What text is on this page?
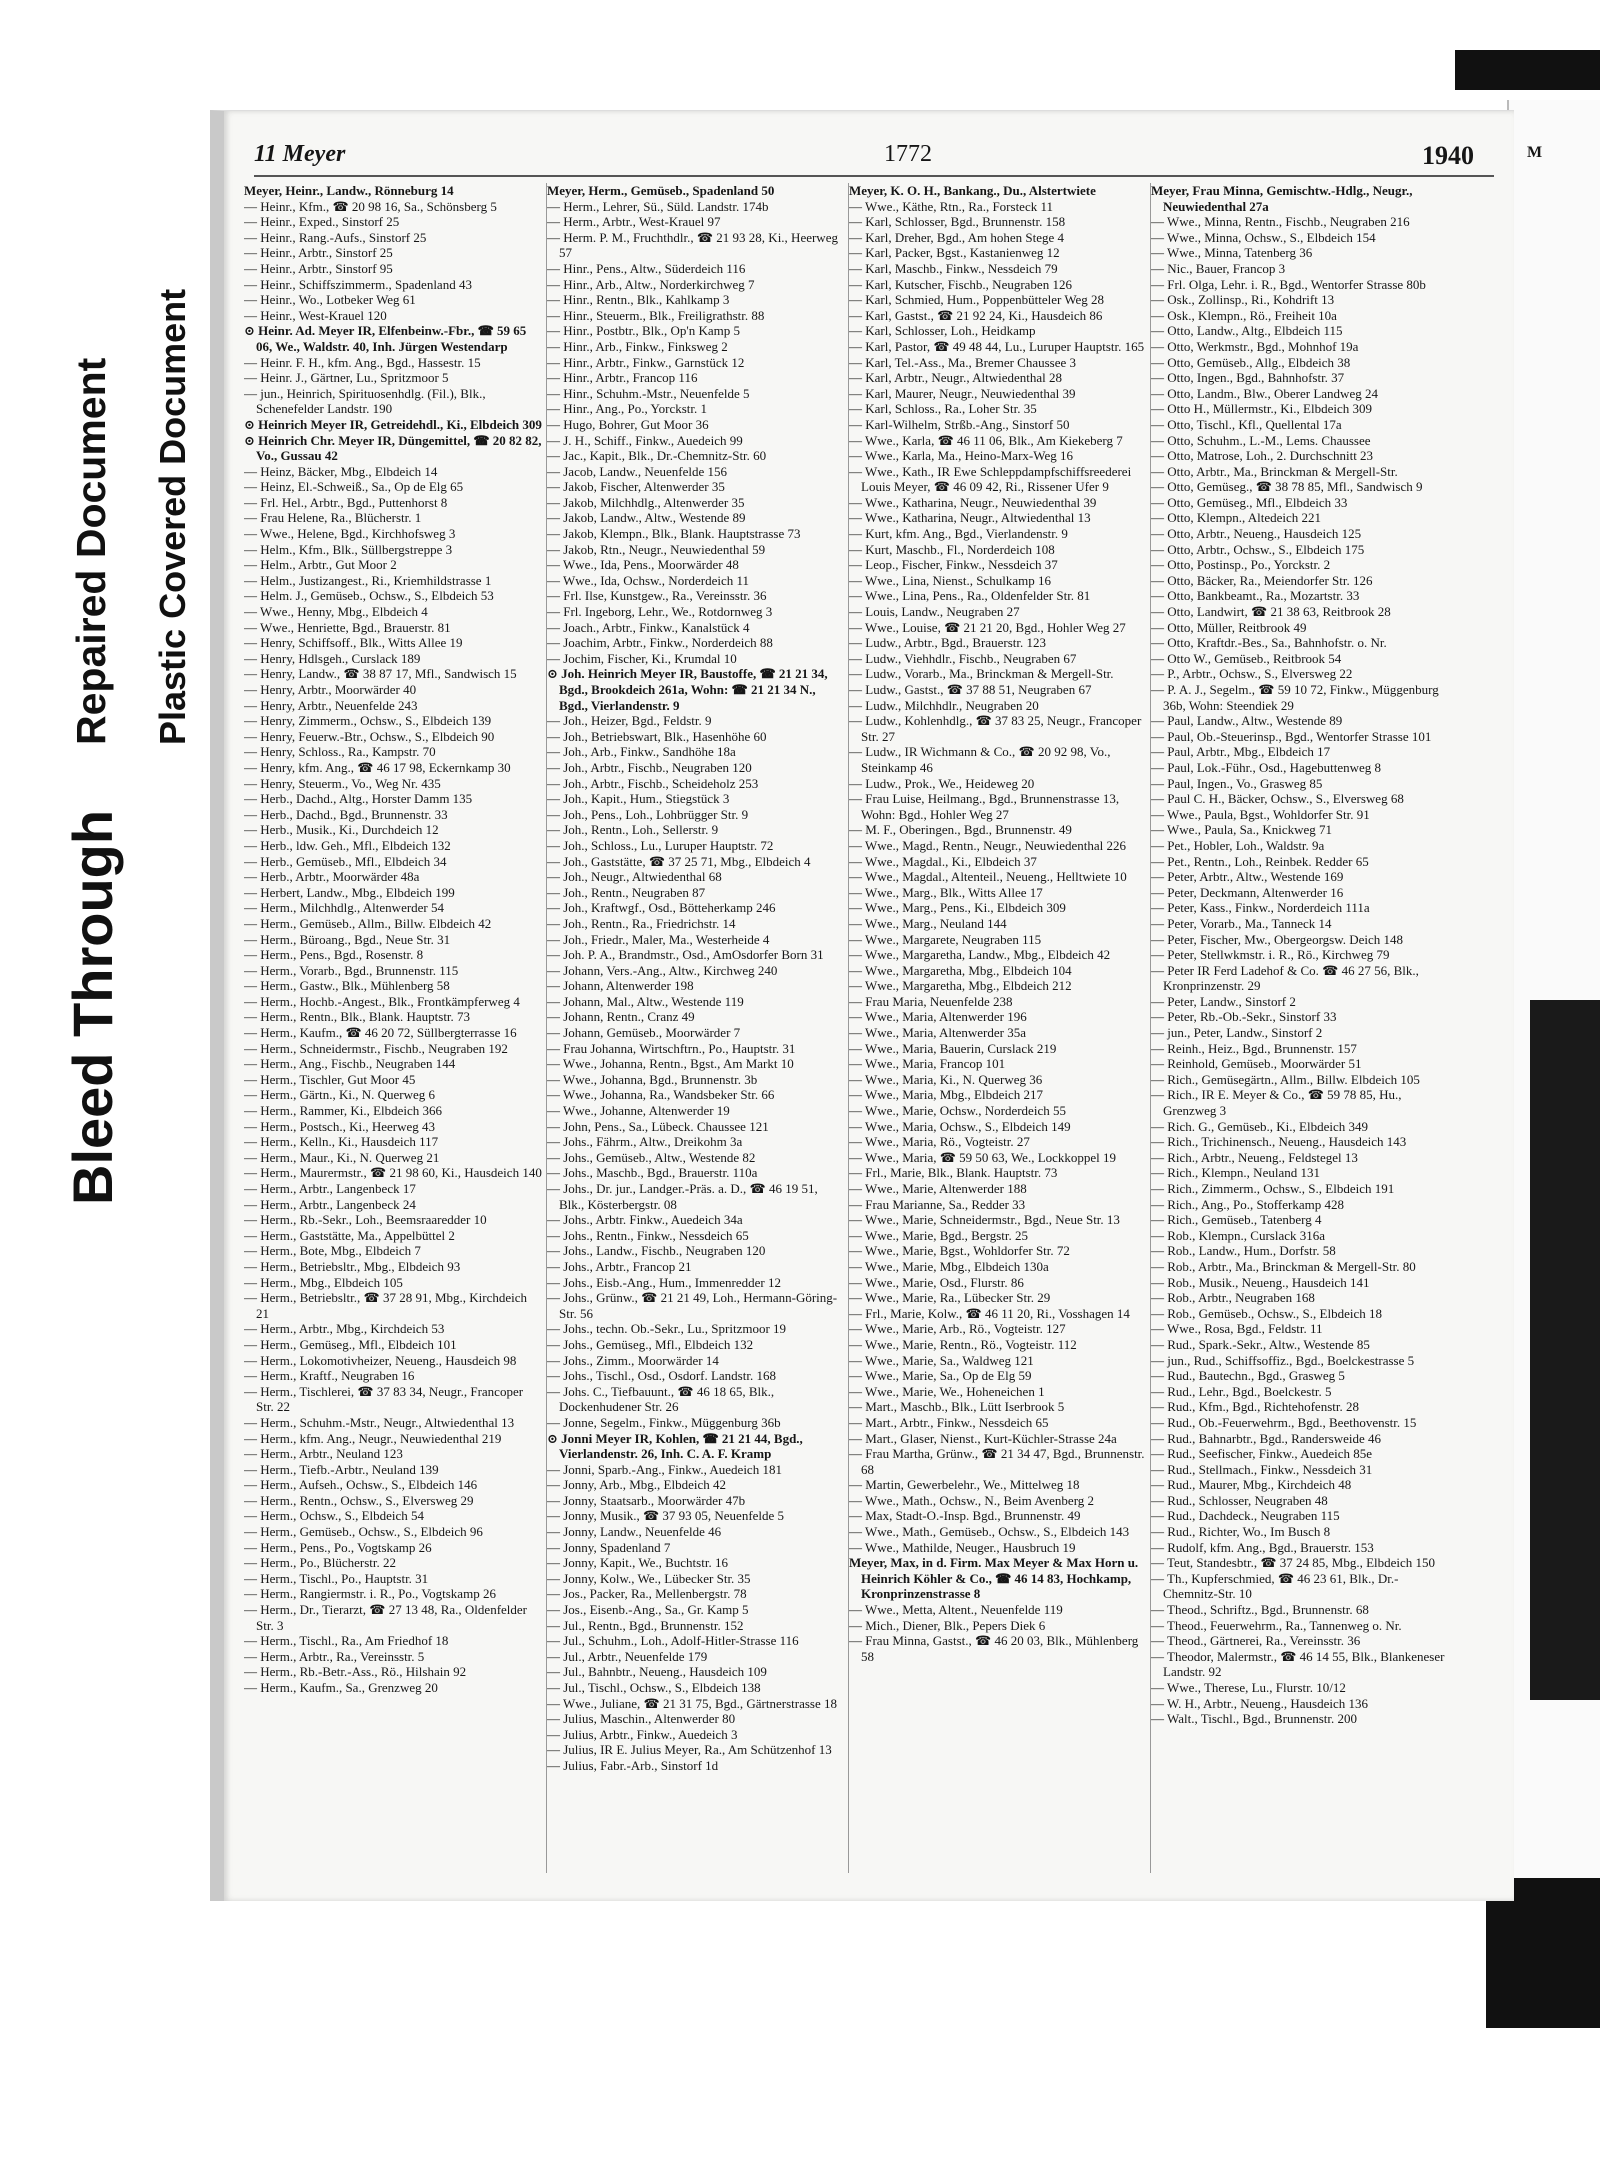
M
Bleed Through
Repaired Document Plastic Covered Document
11 Meyer	1772	1940

Meyer, Heinr., Landw., Rönneburg 14

— Heinr., Kfm., ☎ 20 98 16, Sa., Schönsberg 5

— Heinr., Exped., Sinstorf 25

— Heinr., Rang.-Aufs., Sinstorf 25

— Heinr., Arbtr., Sinstorf 25

— Heinr., Arbtr., Sinstorf 95

— Heinr., Schiffszimmerm., Spadenland 43

— Heinr., Wo., Lotbeker Weg 61

— Heinr., West-Krauel 120

⊙ Heinr. Ad. Meyer IR, Elfenbeinw.-Fbr., ☎ 59 65 06, We., Waldstr. 40, Inh. Jürgen Westendarp

— Heinr. F. H., kfm. Ang., Bgd., Hassestr. 15

— Heinr. J., Gärtner, Lu., Spritzmoor 5

— jun., Heinrich, Spirituosenhdlg. (Fil.), Blk., Schenefelder Landstr. 190

⊙ Heinrich Meyer IR, Getreidehdl., Ki., Elbdeich 309

⊙ Heinrich Chr. Meyer IR, Düngemittel, ☎ 20 82 82, Vo., Gussau 42

— Heinz, Bäcker, Mbg., Elbdeich 14

— Heinz, El.-Schweiß., Sa., Op de Elg 65

— Frl. Hel., Arbtr., Bgd., Puttenhorst 8

— Frau Helene, Ra., Blücherstr. 1

— Wwe., Helene, Bgd., Kirchhofsweg 3

— Helm., Kfm., Blk., Süllbergstreppe 3

— Helm., Arbtr., Gut Moor 2

— Helm., Justizangest., Ri., Kriemhildstrasse 1

— Helm. J., Gemüseb., Ochsw., S., Elbdeich 53

— Wwe., Henny, Mbg., Elbdeich 4

— Wwe., Henriette, Bgd., Brauerstr. 81

— Henry, Schiffsoff., Blk., Witts Allee 19

— Henry, Hdlsgeh., Curslack 189

— Henry, Landw., ☎ 38 87 17, Mfl., Sandwisch 15

— Henry, Arbtr., Moorwärder 40

— Henry, Arbtr., Neuenfelde 243

— Henry, Zimmerm., Ochsw., S., Elbdeich 139

— Henry, Feuerw.-Btr., Ochsw., S., Elbdeich 90

— Henry, Schloss., Ra., Kampstr. 70

— Henry, kfm. Ang., ☎ 46 17 98, Eckernkamp 30

— Henry, Steuerm., Vo., Weg Nr. 435

— Herb., Dachd., Altg., Horster Damm 135

— Herb., Dachd., Bgd., Brunnenstr. 33

— Herb., Musik., Ki., Durchdeich 12

— Herb., ldw. Geh., Mfl., Elbdeich 132

— Herb., Gemüseb., Mfl., Elbdeich 34

— Herb., Arbtr., Moorwärder 48a

— Herbert, Landw., Mbg., Elbdeich 199

— Herm., Milchhdlg., Altenwerder 54

— Herm., Gemüseb., Allm., Billw. Elbdeich 42

— Herm., Büroang., Bgd., Neue Str. 31

— Herm., Pens., Bgd., Rosenstr. 8

— Herm., Vorarb., Bgd., Brunnenstr. 115

— Herm., Gastw., Blk., Mühlenberg 58

— Herm., Hochb.-Angest., Blk., Frontkämpferweg 4

— Herm., Rentn., Blk., Blank. Hauptstr. 73

— Herm., Kaufm., ☎ 46 20 72, Süllbergterrasse 16

— Herm., Schneidermstr., Fischb., Neugraben 192

— Herm., Ang., Fischb., Neugraben 144

— Herm., Tischler, Gut Moor 45

— Herm., Gärtn., Ki., N. Querweg 6

— Herm., Rammer, Ki., Elbdeich 366

— Herm., Postsch., Ki., Heerweg 43

— Herm., Kelln., Ki., Hausdeich 117

— Herm., Maur., Ki., N. Querweg 21

— Herm., Maurermstr., ☎ 21 98 60, Ki., Hausdeich 140

— Herm., Arbtr., Langenbeck 17

— Herm., Arbtr., Langenbeck 24

— Herm., Rb.-Sekr., Loh., Beemsraaredder 10

— Herm., Gaststätte, Ma., Appelbüttel 2

— Herm., Bote, Mbg., Elbdeich 7

— Herm., Betriebsltr., Mbg., Elbdeich 93

— Herm., Mbg., Elbdeich 105

— Herm., Betriebsltr., ☎ 37 28 91, Mbg., Kirchdeich 21

— Herm., Arbtr., Mbg., Kirchdeich 53

— Herm., Gemüseg., Mfl., Elbdeich 101

— Herm., Lokomotivheizer, Neueng., Hausdeich 98

— Herm., Kraftf., Neugraben 16

— Herm., Tischlerei, ☎ 37 83 34, Neugr., Francoper Str. 22

— Herm., Schuhm.-Mstr., Neugr., Altwiedenthal 13

— Herm., kfm. Ang., Neugr., Neuwiedenthal 219

— Herm., Arbtr., Neuland 123

— Herm., Tiefb.-Arbtr., Neuland 139

— Herm., Aufseh., Ochsw., S., Elbdeich 146

— Herm., Rentn., Ochsw., S., Elversweg 29

— Herm., Ochsw., S., Elbdeich 54

— Herm., Gemüseb., Ochsw., S., Elbdeich 96

— Herm., Pens., Po., Vogtskamp 26

— Herm., Po., Blücherstr. 22

— Herm., Tischl., Po., Hauptstr. 31

— Herm., Rangiermstr. i. R., Po., Vogtskamp 26

— Herm., Dr., Tierarzt, ☎ 27 13 48, Ra., Oldenfelder Str. 3

— Herm., Tischl., Ra., Am Friedhof 18

— Herm., Arbtr., Ra., Vereinsstr. 5

— Herm., Rb.-Betr.-Ass., Rö., Hilshain 92

— Herm., Kaufm., Sa., Grenzweg 20

Meyer, Herm., Gemüseb., Spadenland 50

— Herm., Lehrer, Sü., Süld. Landstr. 174b

— Herm., Arbtr., West-Krauel 97

— Herm. P. M., Fruchthdlr., ☎ 21 93 28, Ki., Heerweg 57

— Hinr., Pens., Altw., Süderdeich 116

— Hinr., Arb., Altw., Norderkirchweg 7

— Hinr., Rentn., Blk., Kahlkamp 3

— Hinr., Steuerm., Blk., Freiligrathstr. 88

— Hinr., Postbtr., Blk., Op'n Kamp 5

— Hinr., Arb., Finkw., Finksweg 2

— Hinr., Arbtr., Finkw., Garnstück 12

— Hinr., Arbtr., Francop 116

— Hinr., Schuhm.-Mstr., Neuenfelde 5

— Hinr., Ang., Po., Yorckstr. 1

— Hugo, Bohrer, Gut Moor 36

— J. H., Schiff., Finkw., Auedeich 99

— Jac., Kapit., Blk., Dr.-Chemnitz-Str. 60

— Jacob, Landw., Neuenfelde 156

— Jakob, Fischer, Altenwerder 35

— Jakob, Milchhdlg., Altenwerder 35

— Jakob, Landw., Altw., Westende 89

— Jakob, Klempn., Blk., Blank. Hauptstrasse 73

— Jakob, Rtn., Neugr., Neuwiedenthal 59

— Wwe., Ida, Pens., Moorwärder 48

— Wwe., Ida, Ochsw., Norderdeich 11

— Frl. Ilse, Kunstgew., Ra., Vereinsstr. 36

— Frl. Ingeborg, Lehr., We., Rotdornweg 3

— Joach., Arbtr., Finkw., Kanalstück 4

— Joachim, Arbtr., Finkw., Norderdeich 88

— Jochim, Fischer, Ki., Krumdal 10

⊙ Joh. Heinrich Meyer IR, Baustoffe, ☎ 21 21 34, Bgd., Brookdeich 261a, Wohn: ☎ 21 21 34 N., Bgd., Vierlandenstr. 9

— Joh., Heizer, Bgd., Feldstr. 9

— Joh., Betriebswart, Blk., Hasenhöhe 60

— Joh., Arb., Finkw., Sandhöhe 18a

— Joh., Arbtr., Fischb., Neugraben 120

— Joh., Arbtr., Fischb., Scheideholz 253

— Joh., Kapit., Hum., Stiegstück 3

— Joh., Pens., Loh., Lohbrügger Str. 9

— Joh., Rentn., Loh., Sellerstr. 9

— Joh., Schloss., Lu., Luruper Hauptstr. 72

— Joh., Gaststätte, ☎ 37 25 71, Mbg., Elbdeich 4

— Joh., Neugr., Altwiedenthal 68

— Joh., Rentn., Neugraben 87

— Joh., Kraftwgf., Osd., Bötteherkamp 246

— Joh., Rentn., Ra., Friedrichstr. 14

— Joh., Friedr., Maler, Ma., Westerheide 4

— Joh. P. A., Brandmstr., Osd., AmOsdorfer Born 31

— Johann, Vers.-Ang., Altw., Kirchweg 240

— Johann, Altenwerder 198

— Johann, Mal., Altw., Westende 119

— Johann, Rentn., Cranz 49

— Johann, Gemüseb., Moorwärder 7

— Frau Johanna, Wirtschftrn., Po., Hauptstr. 31

— Wwe., Johanna, Rentn., Bgst., Am Markt 10

— Wwe., Johanna, Bgd., Brunnenstr. 3b

— Wwe., Johanna, Ra., Wandsbeker Str. 66

— Wwe., Johanne, Altenwerder 19

— John, Pens., Sa., Lübeck. Chaussee 121

— Johs., Fährm., Altw., Dreikohm 3a

— Johs., Gemüseb., Altw., Westende 82

— Johs., Maschb., Bgd., Brauerstr. 110a

— Johs., Dr. jur., Landger.-Präs. a. D., ☎ 46 19 51, Blk., Kösterbergstr. 08

— Johs., Arbtr. Finkw., Auedeich 34a

— Johs., Rentn., Finkw., Nessdeich 65

— Johs., Landw., Fischb., Neugraben 120

— Johs., Arbtr., Francop 21

— Johs., Eisb.-Ang., Hum., Immenredder 12

— Johs., Grünw., ☎ 21 21 49, Loh., Hermann-Göring-Str. 56

— Johs., techn. Ob.-Sekr., Lu., Spritzmoor 19

— Johs., Gemüseg., Mfl., Elbdeich 132

— Johs., Zimm., Moorwärder 14

— Johs., Tischl., Osd., Osdorf. Landstr. 168

— Johs. C., Tiefbauunt., ☎ 46 18 65, Blk., Dockenhudener Str. 26

— Jonne, Segelm., Finkw., Müggenburg 36b

⊙ Jonni Meyer IR, Kohlen, ☎ 21 21 44, Bgd., Vierlandenstr. 26, Inh. C. A. F. Kramp

— Jonni, Sparb.-Ang., Finkw., Auedeich 181

— Jonny, Arb., Mbg., Elbdeich 42

— Jonny, Staatsarb., Moorwärder 47b

— Jonny, Musik., ☎ 37 93 05, Neuenfelde 5

— Jonny, Landw., Neuenfelde 46

— Jonny, Spadenland 7

— Jonny, Kapit., We., Buchtstr. 16

— Jonny, Kolw., We., Lübecker Str. 35

— Jos., Packer, Ra., Mellenbergstr. 78

— Jos., Eisenb.-Ang., Sa., Gr. Kamp 5

— Jul., Rentn., Bgd., Brunnenstr. 152

— Jul., Schuhm., Loh., Adolf-Hitler-Strasse 116

— Jul., Arbtr., Neuenfelde 179

— Jul., Bahnbtr., Neueng., Hausdeich 109

— Jul., Tischl., Ochsw., S., Elbdeich 138

— Wwe., Juliane, ☎ 21 31 75, Bgd., Gärtnerstrasse 18

— Julius, Maschin., Altenwerder 80

— Julius, Arbtr., Finkw., Auedeich 3

— Julius, IR E. Julius Meyer, Ra., Am Schützenhof 13

— Julius, Fabr.-Arb., Sinstorf 1d

Meyer, K. O. H., Bankang., Du., Alstertwiete

— Wwe., Käthe, Rtn., Ra., Forsteck 11

— Karl, Schlosser, Bgd., Brunnenstr. 158

— Karl, Dreher, Bgd., Am hohen Stege 4

— Karl, Packer, Bgst., Kastanienweg 12

— Karl, Maschb., Finkw., Nessdeich 79

— Karl, Kutscher, Fischb., Neugraben 126

— Karl, Schmied, Hum., Poppenbütteler Weg 28

— Karl, Gastst., ☎ 21 92 24, Ki., Hausdeich 86

— Karl, Schlosser, Loh., Heidkamp

— Karl, Pastor, ☎ 49 48 44, Lu., Luruper Hauptstr. 165

— Karl, Tel.-Ass., Ma., Bremer Chaussee 3

— Karl, Arbtr., Neugr., Altwiedenthal 28

— Karl, Maurer, Neugr., Neuwiedenthal 39

— Karl, Schloss., Ra., Loher Str. 35

— Karl-Wilhelm, Strßb.-Ang., Sinstorf 50

— Wwe., Karla, ☎ 46 11 06, Blk., Am Kiekeberg 7

— Wwe., Karla, Ma., Heino-Marx-Weg 16

— Wwe., Kath., IR Ewe Schleppdampfschiffsreederei Louis Meyer, ☎ 46 09 42, Ri., Rissener Ufer 9

— Wwe., Katharina, Neugr., Neuwiedenthal 39

— Wwe., Katharina, Neugr., Altwiedenthal 13

— Kurt, kfm. Ang., Bgd., Vierlandenstr. 9

— Kurt, Maschb., Fl., Norderdeich 108

— Leop., Fischer, Finkw., Nessdeich 37

— Wwe., Lina, Nienst., Schulkamp 16

— Wwe., Lina, Pens., Ra., Oldenfelder Str. 81

— Louis, Landw., Neugraben 27

— Wwe., Louise, ☎ 21 21 20, Bgd., Hohler Weg 27

— Ludw., Arbtr., Bgd., Brauerstr. 123

— Ludw., Viehhdlr., Fischb., Neugraben 67

— Ludw., Vorarb., Ma., Brinckman & Mergell-Str.

— Ludw., Gastst., ☎ 37 88 51, Neugraben 67

— Ludw., Milchhdlr., Neugraben 20

— Ludw., Kohlenhdlg., ☎ 37 83 25, Neugr., Francoper Str. 27

— Ludw., IR Wichmann & Co., ☎ 20 92 98, Vo., Steinkamp 46

— Ludw., Prok., We., Heideweg 20

— Frau Luise, Heilmang., Bgd., Brunnenstrasse 13, Wohn: Bgd., Hohler Weg 27

— M. F., Oberingen., Bgd., Brunnenstr. 49

— Wwe., Magd., Rentn., Neugr., Neuwiedenthal 226

— Wwe., Magdal., Ki., Elbdeich 37

— Wwe., Magdal., Altenteil., Neueng., Helltwiete 10

— Wwe., Marg., Blk., Witts Allee 17

— Wwe., Marg., Pens., Ki., Elbdeich 309

— Wwe., Marg., Neuland 144

— Wwe., Margarete, Neugraben 115

— Wwe., Margaretha, Landw., Mbg., Elbdeich 42

— Wwe., Margaretha, Mbg., Elbdeich 104

— Wwe., Margaretha, Mbg., Elbdeich 212

— Frau Maria, Neuenfelde 238

— Wwe., Maria, Altenwerder 196

— Wwe., Maria, Altenwerder 35a

— Wwe., Maria, Bauerin, Curslack 219

— Wwe., Maria, Francop 101

— Wwe., Maria, Ki., N. Querweg 36

— Wwe., Maria, Mbg., Elbdeich 217

— Wwe., Marie, Ochsw., Norderdeich 55

— Wwe., Maria, Ochsw., S., Elbdeich 149

— Wwe., Maria, Rö., Vogteistr. 27

— Wwe., Maria, ☎ 59 50 63, We., Lockkoppel 19

— Frl., Marie, Blk., Blank. Hauptstr. 73

— Wwe., Marie, Altenwerder 188

— Frau Marianne, Sa., Redder 33

— Wwe., Marie, Schneidermstr., Bgd., Neue Str. 13

— Wwe., Marie, Bgd., Bergstr. 25

— Wwe., Marie, Bgst., Wohldorfer Str. 72

— Wwe., Marie, Mbg., Elbdeich 130a

— Wwe., Marie, Osd., Flurstr. 86

— Wwe., Marie, Ra., Lübecker Str. 29

— Frl., Marie, Kolw., ☎ 46 11 20, Ri., Vosshagen 14

— Wwe., Marie, Arb., Rö., Vogteistr. 127

— Wwe., Marie, Rentn., Rö., Vogteistr. 112

— Wwe., Marie, Sa., Waldweg 121

— Wwe., Marie, Sa., Op de Elg 59

— Wwe., Marie, We., Hoheneichen 1

— Mart., Maschb., Blk., Lütt Iserbrook 5

— Mart., Arbtr., Finkw., Nessdeich 65

— Mart., Glaser, Nienst., Kurt-Küchler-Strasse 24a

— Frau Martha, Grünw., ☎ 21 34 47, Bgd., Brunnenstr. 68

— Martin, Gewerbelehr., We., Mittelweg 18

— Wwe., Math., Ochsw., N., Beim Avenberg 2

— Max, Stadt-O.-Insp. Bgd., Brunnenstr. 49

— Wwe., Math., Gemüseb., Ochsw., S., Elbdeich 143

— Wwe., Mathilde, Neuger., Hausbruch 19

Meyer, Max, in d. Firm. Max Meyer & Max Horn u. Heinrich Köhler & Co., ☎ 46 14 83, Hochkamp, Kronprinzenstrasse 8

— Wwe., Metta, Altent., Neuenfelde 119

— Mich., Diener, Blk., Pepers Diek 6

— Frau Minna, Gastst., ☎ 46 20 03, Blk., Mühlenberg 58

Meyer, Frau Minna, Gemischtw.-Hdlg., Neugr., Neuwiedenthal 27a

— Wwe., Minna, Rentn., Fischb., Neugraben 216

— Wwe., Minna, Ochsw., S., Elbdeich 154

— Wwe., Minna, Tatenberg 36

— Nic., Bauer, Francop 3

— Frl. Olga, Lehr. i. R., Bgd., Wentorfer Strasse 80b

— Osk., Zollinsp., Ri., Kohdrift 13

— Osk., Klempn., Rö., Freiheit 10a

— Otto, Landw., Altg., Elbdeich 115

— Otto, Werkmstr., Bgd., Mohnhof 19a

— Otto, Gemüseb., Allg., Elbdeich 38

— Otto, Ingen., Bgd., Bahnhofstr. 37

— Otto, Landm., Blw., Oberer Landweg 24

— Otto H., Müllermstr., Ki., Elbdeich 309

— Otto, Tischl., Kfl., Quellental 17a

— Otto, Schuhm., L.-M., Lems. Chaussee

— Otto, Matrose, Loh., 2. Durchschnitt 23

— Otto, Arbtr., Ma., Brinckman & Mergell-Str.

— Otto, Gemüseg., ☎ 38 78 85, Mfl., Sandwisch 9

— Otto, Gemüseg., Mfl., Elbdeich 33

— Otto, Klempn., Altedeich 221

— Otto, Arbtr., Neueng., Hausdeich 125

— Otto, Arbtr., Ochsw., S., Elbdeich 175

— Otto, Postinsp., Po., Yorckstr. 2

— Otto, Bäcker, Ra., Meiendorfer Str. 126

— Otto, Bankbeamt., Ra., Mozartstr. 33

— Otto, Landwirt, ☎ 21 38 63, Reitbrook 28

— Otto, Müller, Reitbrook 49

— Otto, Kraftdr.-Bes., Sa., Bahnhofstr. o. Nr.

— Otto W., Gemüseb., Reitbrook 54

— P., Arbtr., Ochsw., S., Elversweg 22

— P. A. J., Segelm., ☎ 59 10 72, Finkw., Müggenburg 36b, Wohn: Steendiek 29

— Paul, Landw., Altw., Westende 89

— Paul, Ob.-Steuerinsp., Bgd., Wentorfer Strasse 101

— Paul, Arbtr., Mbg., Elbdeich 17

— Paul, Lok.-Führ., Osd., Hagebuttenweg 8

— Paul, Ingen., Vo., Grasweg 85

— Paul C. H., Bäcker, Ochsw., S., Elversweg 68

— Wwe., Paula, Bgst., Wohldorfer Str. 91

— Wwe., Paula, Sa., Knickweg 71

— Pet., Hobler, Loh., Waldstr. 9a

— Pet., Rentn., Loh., Reinbek. Redder 65

— Peter, Arbtr., Altw., Westende 169

— Peter, Deckmann, Altenwerder 16

— Peter, Kass., Finkw., Norderdeich 111a

— Peter, Vorarb., Ma., Tanneck 14

— Peter, Fischer, Mw., Obergeorgsw. Deich 148

— Peter, Stellwkmstr. i. R., Rö., Kirchweg 79

— Peter IR Ferd Ladehof & Co. ☎ 46 27 56, Blk., Kronprinzenstr. 29

— Peter, Landw., Sinstorf 2

— Peter, Rb.-Ob.-Sekr., Sinstorf 33

— jun., Peter, Landw., Sinstorf 2

— Reinh., Heiz., Bgd., Brunnenstr. 157

— Reinhold, Gemüseb., Moorwärder 51

— Rich., Gemüsegärtn., Allm., Billw. Elbdeich 105

— Rich., IR E. Meyer & Co., ☎ 59 78 85, Hu., Grenzweg 3

— Rich. G., Gemüseb., Ki., Elbdeich 349

— Rich., Trichinensch., Neueng., Hausdeich 143

— Rich., Arbtr., Neueng., Feldstegel 13

— Rich., Klempn., Neuland 131

— Rich., Zimmerm., Ochsw., S., Elbdeich 191

— Rich., Ang., Po., Stofferkamp 428

— Rich., Gemüseb., Tatenberg 4

— Rob., Klempn., Curslack 316a

— Rob., Landw., Hum., Dorfstr. 58

— Rob., Arbtr., Ma., Brinckman & Mergell-Str. 80

— Rob., Musik., Neueng., Hausdeich 141

— Rob., Arbtr., Neugraben 168

— Rob., Gemüseb., Ochsw., S., Elbdeich 18

— Wwe., Rosa, Bgd., Feldstr. 11

— Rud., Spark.-Sekr., Altw., Westende 85

— jun., Rud., Schiffsoffiz., Bgd., Boelckestrasse 5

— Rud., Bautechn., Bgd., Grasweg 5

— Rud., Lehr., Bgd., Boelckestr. 5

— Rud., Kfm., Bgd., Richtehofenstr. 28

— Rud., Ob.-Feuerwehrm., Bgd., Beethovenstr. 15

— Rud., Bahnarbtr., Bgd., Randersweide 46

— Rud., Seefischer, Finkw., Auedeich 85e

— Rud., Stellmach., Finkw., Nessdeich 31

— Rud., Maurer, Mbg., Kirchdeich 48

— Rud., Schlosser, Neugraben 48

— Rud., Dachdeck., Neugraben 115

— Rud., Richter, Wo., Im Busch 8

— Rudolf, kfm. Ang., Bgd., Brauerstr. 153

— Teut, Standesbtr., ☎ 37 24 85, Mbg., Elbdeich 150

— Th., Kupferschmied, ☎ 46 23 61, Blk., Dr.-Chemnitz-Str. 10

— Theod., Schriftz., Bgd., Brunnenstr. 68

— Theod., Feuerwehrm., Ra., Tannenweg o. Nr.

— Theod., Gärtnerei, Ra., Vereinsstr. 36

— Theodor, Malermstr., ☎ 46 14 55, Blk., Blankeneser Landstr. 92

— Wwe., Therese, Lu., Flurstr. 10/12

— W. H., Arbtr., Neueng., Hausdeich 136

— Walt., Tischl., Bgd., Brunnenstr. 200
